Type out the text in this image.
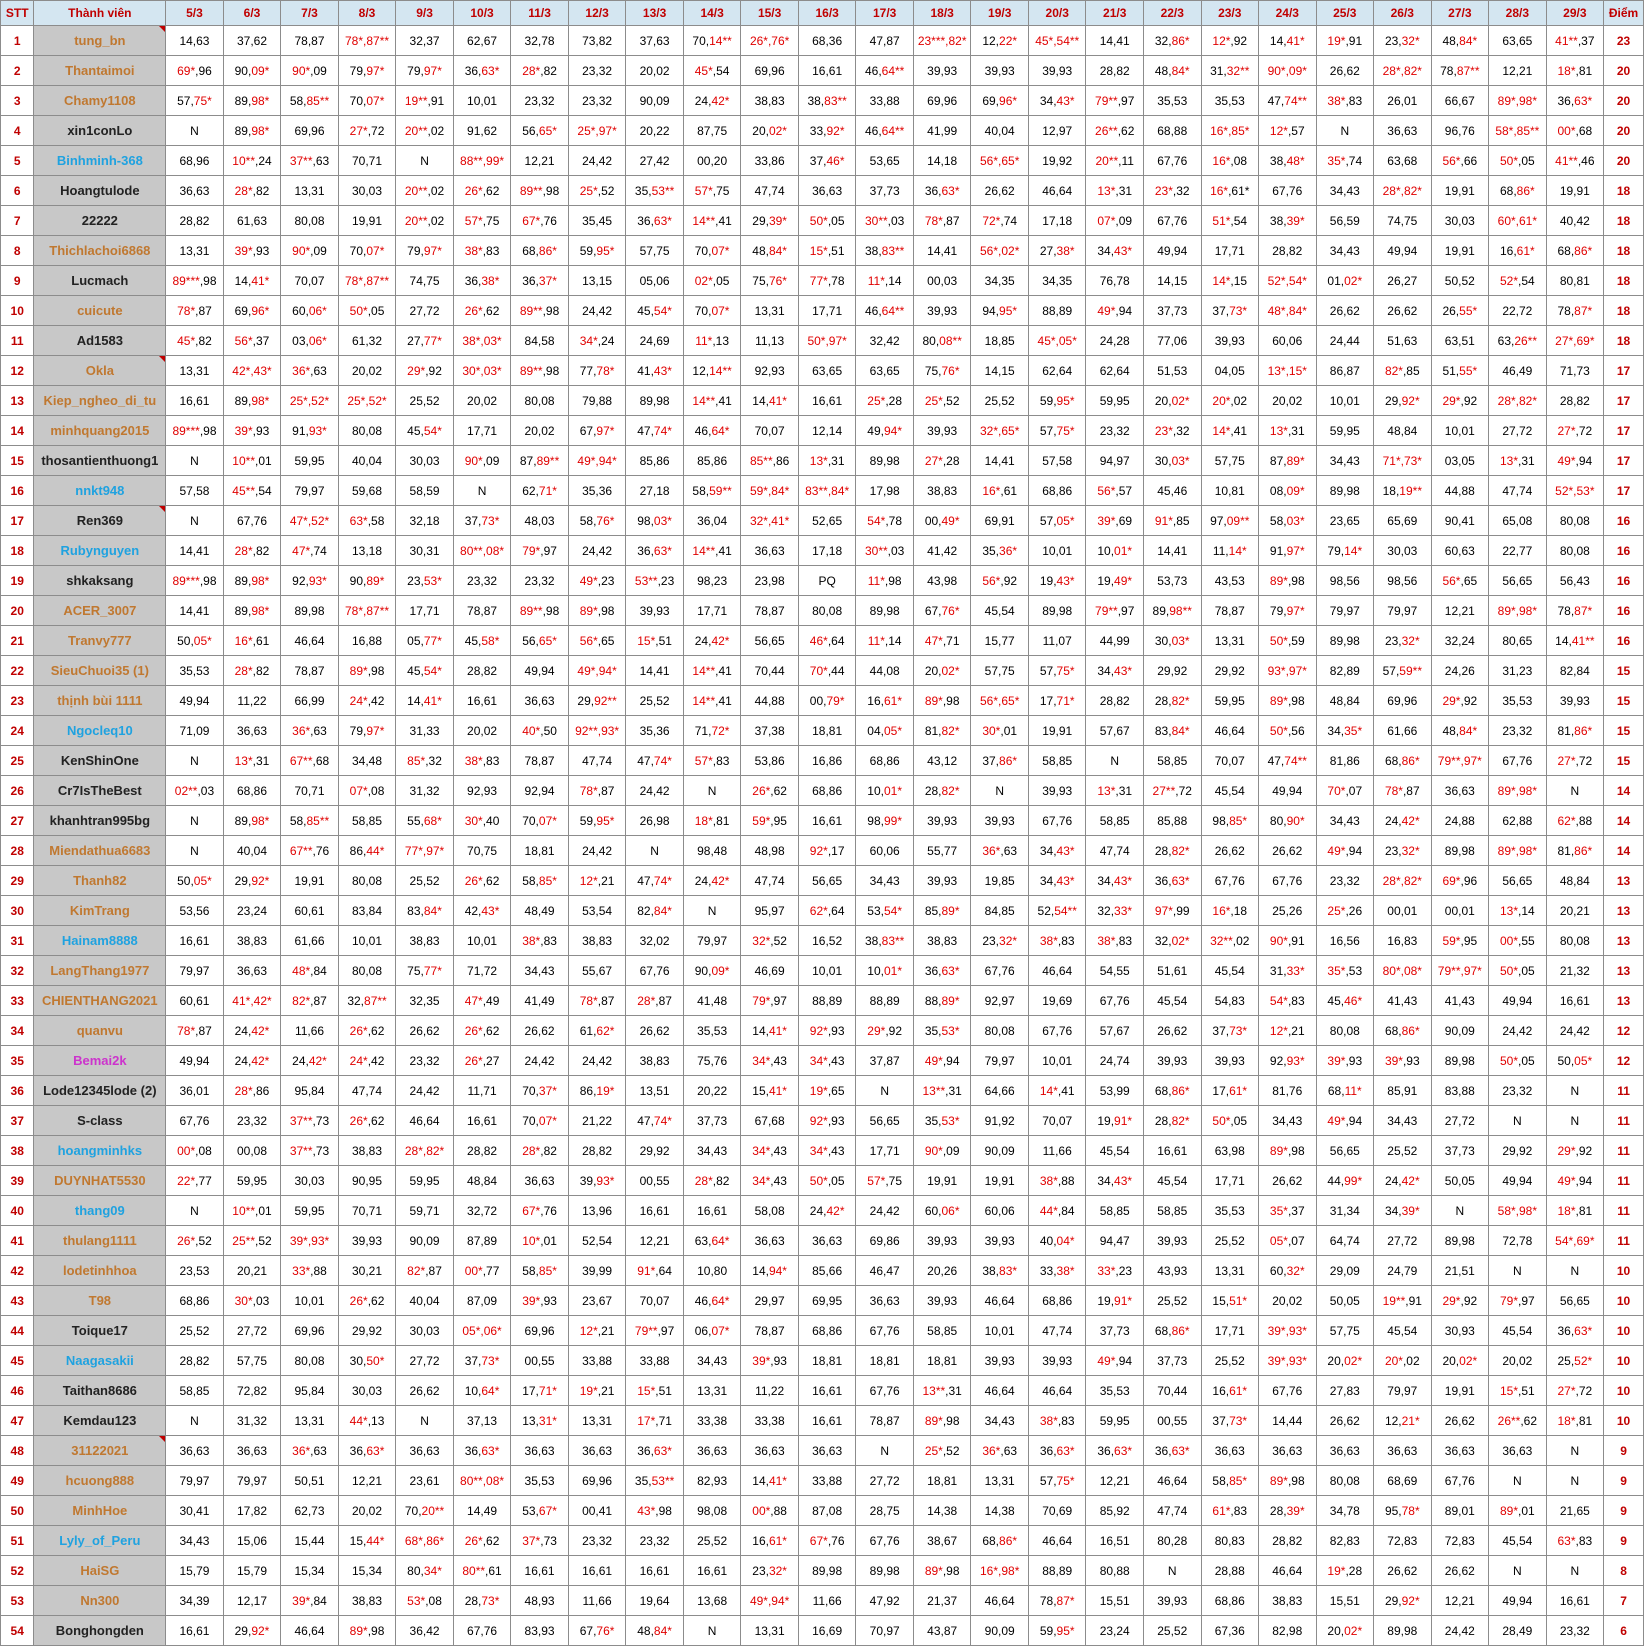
STT	Thành viên	5/3	6/3	7/3	8/3	9/3	10/3	11/3	12/3	13/3	14/3	15/3	16/3	17/3	18/3	19/3	20/3	21/3	22/3	23/3	24/3	25/3	26/3	27/3	28/3	29/3	Điểm
1	tung_bn	14,63	37,62	78,87	78*,87**	32,37	62,67	32,78	73,82	37,63	70,14**	26*,76*	68,36	47,87	23***,82*	12,22*	45*,54**	14,41	32,86*	12*,92	14,41*	19*,91	23,32*	48,84*	63,65	41**,37	23
2	Thantaimoi	69*,96	90,09*	90*,09	79,97*	79,97*	36,63*	28*,82	23,32	20,02	45*,54	69,96	16,61	46,64**	39,93	39,93	39,93	28,82	48,84*	31,32**	90*,09*	26,62	28*,82*	78,87**	12,21	18*,81	20
3	Chamy1108	57,75*	89,98*	58,85**	70,07*	19**,91	10,01	23,32	23,32	90,09	24,42*	38,83	38,83**	33,88	69,96	69,96*	34,43*	79**,97	35,53	35,53	47,74**	38*,83	26,01	66,67	89*,98*	36,63*	20
4	xin1conLo	N	89,98*	69,96	27*,72	20**,02	91,62	56,65*	25*,97*	20,22	87,75	20,02*	33,92*	46,64**	41,99	40,04	12,97	26**,62	68,88	16*,85*	12*,57	N	36,63	96,76	58*,85**	00*,68	20
5	Binhminh-368	68,96	10**,24	37**,63	70,71	N	88**,99*	12,21	24,42	27,42	00,20	33,86	37,46*	53,65	14,18	56*,65*	19,92	20**,11	67,76	16*,08	38,48*	35*,74	63,68	56*,66	50*,05	41**,46	20
6	Hoangtulode	36,63	28*,82	13,31	30,03	20**,02	26*,62	89**,98	25*,52	35,53**	57*,75	47,74	36,63	37,73	36,63*	26,62	46,64	13*,31	23*,32	16*,61*	67,76	34,43	28*,82*	19,91	68,86*	19,91	18
7	22222	28,82	61,63	80,08	19,91	20**,02	57*,75	67*,76	35,45	36,63*	14**,41	29,39*	50*,05	30**,03	78*,87	72*,74	17,18	07*,09	67,76	51*,54	38,39*	56,59	74,75	30,03	60*,61*	40,42	18
8	Thichlachoi6868	13,31	39*,93	90*,09	70,07*	79,97*	38*,83	68,86*	59,95*	57,75	70,07*	48,84*	15*,51	38,83**	14,41	56*,02*	27,38*	34,43*	49,94	17,71	28,82	34,43	49,94	19,91	16,61*	68,86*	18
9	Lucmach	89***,98	14,41*	70,07	78*,87**	74,75	36,38*	36,37*	13,15	05,06	02*,05	75,76*	77*,78	11*,14	00,03	34,35	34,35	76,78	14,15	14*,15	52*,54*	01,02*	26,27	50,52	52*,54	80,81	18
10	cuicute	78*,87	69,96*	60,06*	50*,05	27,72	26*,62	89**,98	24,42	45,54*	70,07*	13,31	17,71	46,64**	39,93	94,95*	88,89	49*,94	37,73	37,73*	48*,84*	26,62	26,62	26,55*	22,72	78,87*	18
11	Ad1583	45*,82	56*,37	03,06*	61,32	27,77*	38*,03*	84,58	34*,24	24,69	11*,13	11,13	50*,97*	32,42	80,08**	18,85	45*,05*	24,28	77,06	39,93	60,06	24,44	51,63	63,51	63,26**	27*,69*	18
12	Okla	13,31	42*,43*	36*,63	20,02	29*,92	30*,03*	89**,98	77,78*	41,43*	12,14**	92,93	63,65	63,65	75,76*	14,15	62,64	62,64	51,53	04,05	13*,15*	86,87	82*,85	51,55*	46,49	71,73	17
13	Kiep_ngheo_di_tu	16,61	89,98*	25*,52*	25*,52*	25,52	20,02	80,08	79,88	89,98	14**,41	14,41*	16,61	25*,28	25*,52	25,52	59,95*	59,95	20,02*	20*,02	20,02	10,01	29,92*	29*,92	28*,82*	28,82	17
14	minhquang2015	89***,98	39*,93	91,93*	80,08	45,54*	17,71	20,02	67,97*	47,74*	46,64*	70,07	12,14	49,94*	39,93	32*,65*	57,75*	23,32	23*,32	14*,41	13*,31	59,95	48,84	10,01	27,72	27*,72	17
15	thosantienthuong1	N	10**,01	59,95	40,04	30,03	90*,09	87,89**	49*,94*	85,86	85,86	85**,86	13*,31	89,98	27*,28	14,41	57,58	94,97	30,03*	57,75	87,89*	34,43	71*,73*	03,05	13*,31	49*,94	17
16	nnkt948	57,58	45**,54	79,97	59,68	58,59	N	62,71*	35,36	27,18	58,59**	59*,84*	83**,84*	17,98	38,83	16*,61	68,86	56*,57	45,46	10,81	08,09*	89,98	18,19**	44,88	47,74	52*,53*	17
17	Ren369	N	67,76	47*,52*	63*,58	32,18	37,73*	48,03	58,76*	98,03*	36,04	32*,41*	52,65	54*,78	00,49*	69,91	57,05*	39*,69	91*,85	97,09**	58,03*	23,65	65,69	90,41	65,08	80,08	16
18	Rubynguyen	14,41	28*,82	47*,74	13,18	30,31	80**,08*	79*,97	24,42	36,63*	14**,41	36,63	17,18	30**,03	41,42	35,36*	10,01	10,01*	14,41	11,14*	91,97*	79,14*	30,03	60,63	22,77	80,08	16
19	shkaksang	89***,98	89,98*	92,93*	90,89*	23,53*	23,32	23,32	49*,23	53**,23	98,23	23,98	PQ	11*,98	43,98	56*,92	19,43*	19,49*	53,73	43,53	89*,98	98,56	98,56	56*,65	56,65	56,43	16
20	ACER_3007	14,41	89,98*	89,98	78*,87**	17,71	78,87	89**,98	89*,98	39,93	17,71	78,87	80,08	89,98	67,76*	45,54	89,98	79**,97	89,98**	78,87	79,97*	79,97	79,97	12,21	89*,98*	78,87*	16
21	Tranvy777	50,05*	16*,61	46,64	16,88	05,77*	45,58*	56,65*	56*,65	15*,51	24,42*	56,65	46*,64	11*,14	47*,71	15,77	11,07	44,99	30,03*	13,31	50*,59	89,98	23,32*	32,24	80,65	14,41**	16
22	SieuChuoi35 (1)	35,53	28*,82	78,87	89*,98	45,54*	28,82	49,94	49*,94*	14,41	14**,41	70,44	70*,44	44,08	20,02*	57,75	57,75*	34,43*	29,92	29,92	93*,97*	82,89	57,59**	24,26	31,23	82,84	15
23	thịnh bùi 1111	49,94	11,22	66,99	24*,42	14,41*	16,61	36,63	29,92**	25,52	14**,41	44,88	00,79*	16,61*	89*,98	56*,65*	17,71*	28,82	28,82*	59,95	89*,98	48,84	69,96	29*,92	35,53	39,93	15
24	Ngocleq10	71,09	36,63	36*,63	79,97*	31,33	20,02	40*,50	92**,93*	35,36	71,72*	37,38	18,81	04,05*	81,82*	30*,01	19,91	57,67	83,84*	46,64	50*,56	34,35*	61,66	48,84*	23,32	81,86*	15
25	KenShinOne	N	13*,31	67**,68	34,48	85*,32	38*,83	78,87	47,74	47,74*	57*,83	53,86	16,86	68,86	43,12	37,86*	58,85	N	58,85	70,07	47,74**	81,86	68,86*	79**,97*	67,76	27*,72	15
26	Cr7IsTheBest	02**,03	68,86	70,71	07*,08	31,32	92,93	92,94	78*,87	24,42	N	26*,62	68,86	10,01*	28,82*	N	39,93	13*,31	27**,72	45,54	49,94	70*,07	78*,87	36,63	89*,98*	N	14
27	khanhtran995bg	N	89,98*	58,85**	58,85	55,68*	30*,40	70,07*	59,95*	26,98	18*,81	59*,95	16,61	98,99*	39,93	39,93	67,76	58,85	85,88	98,85*	80,90*	34,43	24,42*	24,88	62,88	62*,88	14
28	Miendathua6683	N	40,04	67**,76	86,44*	77*,97*	70,75	18,81	24,42	N	98,48	48,98	92*,17	60,06	55,77	36*,63	34,43*	47,74	28,82*	26,62	26,62	49*,94	23,32*	89,98	89*,98*	81,86*	14
29	Thanh82	50,05*	29,92*	19,91	80,08	25,52	26*,62	58,85*	12*,21	47,74*	24,42*	47,74	56,65	34,43	39,93	19,85	34,43*	34,43*	36,63*	67,76	67,76	23,32	28*,82*	69*,96	56,65	48,84	13
30	KimTrang	53,56	23,24	60,61	83,84	83,84*	42,43*	48,49	53,54	82,84*	N	95,97	62*,64	53,54*	85,89*	84,85	52,54**	32,33*	97*,99	16*,18	25,26	25*,26	00,01	00,01	13*,14	20,21	13
31	Hainam8888	16,61	38,83	61,66	10,01	38,83	10,01	38*,83	38,83	32,02	79,97	32*,52	16,52	38,83**	38,83	23,32*	38*,83	38*,83	32,02*	32**,02	90*,91	16,56	16,83	59*,95	00*,55	80,08	13
32	LangThang1977	79,97	36,63	48*,84	80,08	75,77*	71,72	34,43	55,67	67,76	90,09*	46,69	10,01	10,01*	36,63*	67,76	46,64	54,55	51,61	45,54	31,33*	35*,53	80*,08*	79**,97*	50*,05	21,32	13
33	CHIENTHANG2021	60,61	41*,42*	82*,87	32,87**	32,35	47*,49	41,49	78*,87	28*,87	41,48	79*,97	88,89	88,89	88,89*	92,97	19,69	67,76	45,54	54,83	54*,83	45,46*	41,43	41,43	49,94	16,61	13
34	quanvu	78*,87	24,42*	11,66	26*,62	26,62	26*,62	26,62	61,62*	26,62	35,53	14,41*	92*,93	29*,92	35,53*	80,08	67,76	57,67	26,62	37,73*	12*,21	80,08	68,86*	90,09	24,42	24,42	12
35	Bemai2k	49,94	24,42*	24,42*	24*,42	23,32	26*,27	24,42	24,42	38,83	75,76	34*,43	34*,43	37,87	49*,94	79,97	10,01	24,74	39,93	39,93	92,93*	39*,93	39*,93	89,98	50*,05	50,05*	12
36	Lode12345lode (2)	36,01	28*,86	95,84	47,74	24,42	11,71	70,37*	86,19*	13,51	20,22	15,41*	19*,65	N	13**,31	64,66	14*,41	53,99	68,86*	17,61*	81,76	68,11*	85,91	83,88	23,32	N	11
37	S-class	67,76	23,32	37**,73	26*,62	46,64	16,61	70,07*	21,22	47,74*	37,73	67,68	92*,93	56,65	35,53*	91,92	70,07	19,91*	28,82*	50*,05	34,43	49*,94	34,43	27,72	N	N	11
38	hoangminhks	00*,08	00,08	37**,73	38,83	28*,82*	28,82	28*,82	28,82	29,92	34,43	34*,43	34*,43	17,71	90*,09	90,09	11,66	45,54	16,61	63,98	89*,98	56,65	25,52	37,73	29,92	29*,92	11
39	DUYNHAT5530	22*,77	59,95	30,03	90,95	59,95	48,84	36,63	39,93*	00,55	28*,82	34*,43	50*,05	57*,75	19,91	19,91	38*,88	34,43*	45,54	17,71	26,62	44,99*	24,42*	50,05	49,94	49*,94	11
40	thang09	N	10**,01	59,95	70,71	59,71	32,72	67*,76	13,96	16,61	16,61	58,08	24,42*	24,42	60,06*	60,06	44*,84	58,85	58,85	35,53	35*,37	31,34	34,39*	N	58*,98*	18*,81	11
41	thulang1111	26*,52	25**,52	39*,93*	39,93	90,09	87,89	10*,01	52,54	12,21	63,64*	36,63	36,63	69,86	39,93	39,93	40,04*	94,47	39,93	25,52	05*,07	64,74	27,72	89,98	72,78	54*,69*	11
42	lodetinhhoa	23,53	20,21	33*,88	30,21	82*,87	00*,77	58,85*	39,99	91*,64	10,80	14,94*	85,66	46,47	20,26	38,83*	33,38*	33*,23	43,93	13,31	60,32*	29,09	24,79	21,51	N	N	10
43	T98	68,86	30*,03	10,01	26*,62	40,04	87,09	39*,93	23,67	70,07	46,64*	29,97	69,95	36,63	39,93	46,64	68,86	19,91*	25,52	15,51*	20,02	50,05	19**,91	29*,92	79*,97	56,65	10
44	Toique17	25,52	27,72	69,96	29,92	30,03	05*,06*	69,96	12*,21	79**,97	06,07*	78,87	68,86	67,76	58,85	10,01	47,74	37,73	68,86*	17,71	39*,93*	57,75	45,54	30,93	45,54	36,63*	10
45	Naagasakii	28,82	57,75	80,08	30,50*	27,72	37,73*	00,55	33,88	33,88	34,43	39*,93	18,81	18,81	18,81	39,93	39,93	49*,94	37,73	25,52	39*,93*	20,02*	20*,02	20,02*	20,02	25,52*	10
46	Taithan8686	58,85	72,82	95,84	30,03	26,62	10,64*	17,71*	19*,21	15*,51	13,31	11,22	16,61	67,76	13**,31	46,64	46,64	35,53	70,44	16,61*	67,76	27,83	79,97	19,91	15*,51	27*,72	10
47	Kemdau123	N	31,32	13,31	44*,13	N	37,13	13,31*	13,31	17*,71	33,38	33,38	16,61	78,87	89*,98	34,43	38*,83	59,95	00,55	37,73*	14,44	26,62	12,21*	26,62	26**,62	18*,81	10
48	31122021	36,63	36,63	36*,63	36,63*	36,63	36,63*	36,63	36,63	36,63*	36,63	36,63	36,63	N	25*,52	36*,63	36,63*	36,63*	36,63*	36,63	36,63	36,63	36,63	36,63	36,63	N	9
49	hcuong888	79,97	79,97	50,51	12,21	23,61	80**,08*	35,53	69,96	35,53**	82,93	14,41*	33,88	27,72	18,81	13,31	57,75*	12,21	46,64	58,85*	89*,98	80,08	68,69	67,76	N	N	9
50	MinhHoe	30,41	17,82	62,73	20,02	70,20**	14,49	53,67*	00,41	43*,98	98,08	00*,88	87,08	28,75	14,38	14,38	70,69	85,92	47,74	61*,83	28,39*	34,78	95,78*	89,01	89*,01	21,65	9
51	Lyly_of_Peru	34,43	15,06	15,44	15,44*	68*,86*	26*,62	37*,73	23,32	23,32	25,52	16,61*	67*,76	67,76	38,67	68,86*	46,64	16,51	80,28	80,83	28,82	82,83	72,83	72,83	45,54	63*,83	9
52	HaiSG	15,79	15,79	15,34	15,34	80,34*	80**,61	16,61	16,61	16,61	16,61	23,32*	89,98	89,98	89*,98	16*,98*	88,89	80,88	N	28,88	46,64	19*,28	26,62	26,62	N	N	8
53	Nn300	34,39	12,17	39*,84	38,83	53*,08	28,73*	48,93	11,66	19,64	13,68	49*,94*	11,66	47,92	21,37	46,64	78,87*	15,51	39,93	68,86	38,83	15,51	29,92*	12,21	49,94	16,61	7
54	Bonghongden	16,61	29,92*	46,64	89*,98	36,42	67,76	83,93	67,76*	48,84*	N	13,31	16,69	70,97	43,87	90,09	59,95*	23,24	25,52	67,36	82,98	20,02*	89,98	24,42	28,49	23,32	6
